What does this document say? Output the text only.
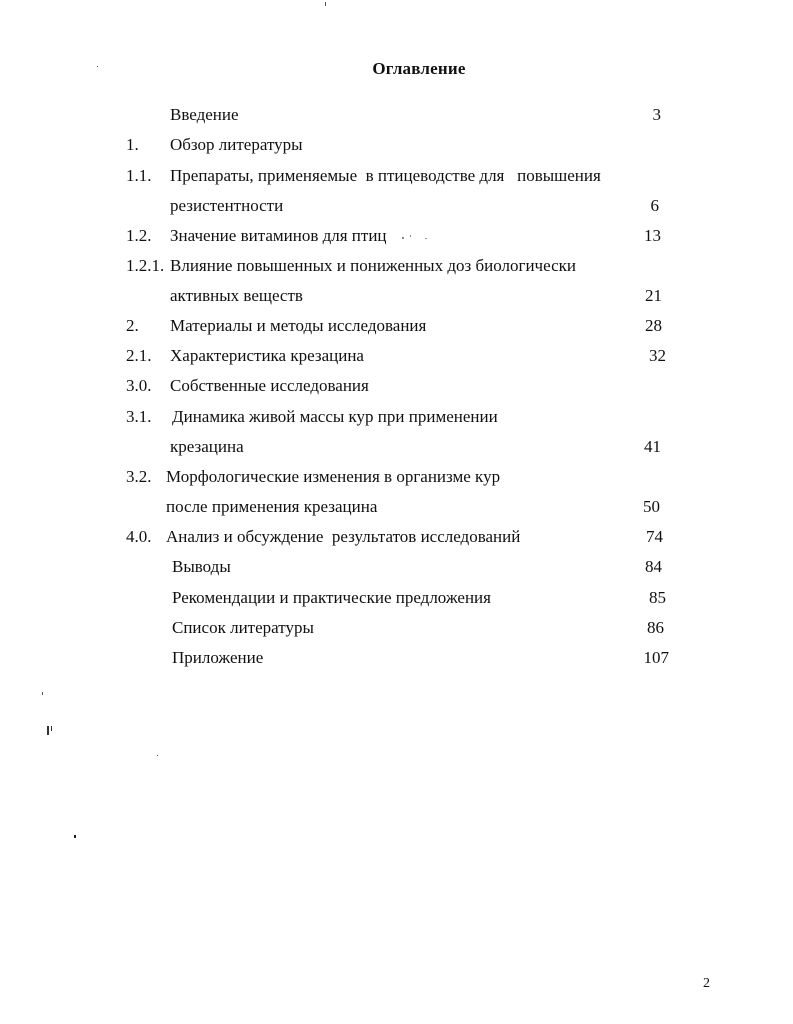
Оглавление
Введение	3
1. Обзор литературы
1.1. Препараты, применяемые  в птицеводстве для   повышения
резистентности	6
1.2. Значение витаминов для птиц	13
1.2.1. Влияние повышенных и пониженных доз биологически
активных веществ	21
2. Материалы и методы исследования	28
2.1. Характеристика крезацина	32
3.0. Собственные исследования
3.1. Динамика живой массы кур при применении
крезацина	41
3.2. Морфологические изменения в организме кур
после применения крезацина	50
4.0. Анализ и обсуждение  результатов исследований	74
Выводы	84
Рекомендации и практические предложения	85
Список литературы	86
Приложение	107
2
